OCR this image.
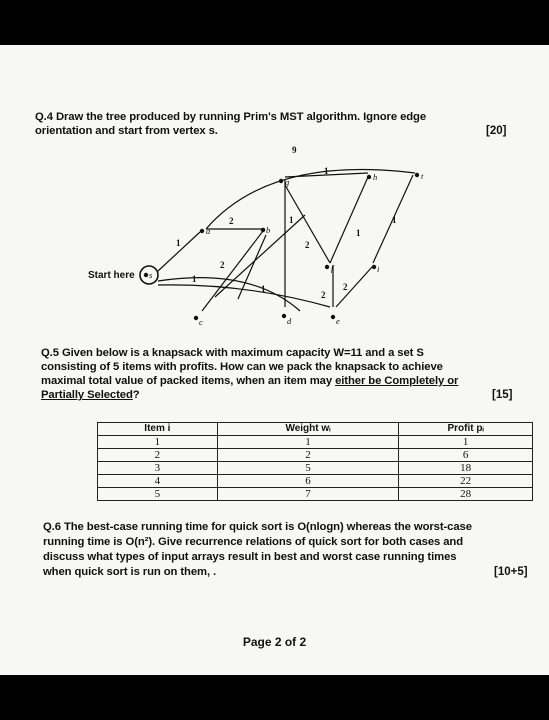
Q.4 Draw the tree produced by running Prim's MST algorithm. Ignore edge
orientation and start from vertex s.	[20]
s
a	b
c	d	e
f
g	h
i
t
Start here
9
1
2	1	1
1
1	2
2
1
1	2
2
Q.5 Given below is a knapsack with maximum capacity W=11 and a set S
consisting of 5 items with profits. How can we pack the knapsack to achieve
maximal total value of packed items, when an item may either be Completely or
Partially Selected?	[15]
Item i	Weight wᵢ	Profit pᵢ
1	1	1
2	2	6
3	5	18
4	6	22
5	7	28
Q.6 The best-case running time for quick sort is O(nlogn) whereas the worst-case
running time is O(n²). Give recurrence relations of quick sort for both cases and
discuss what types of input arrays result in best and worst case running times
when quick sort is run on them, .	[10+5]
Page 2 of 2
